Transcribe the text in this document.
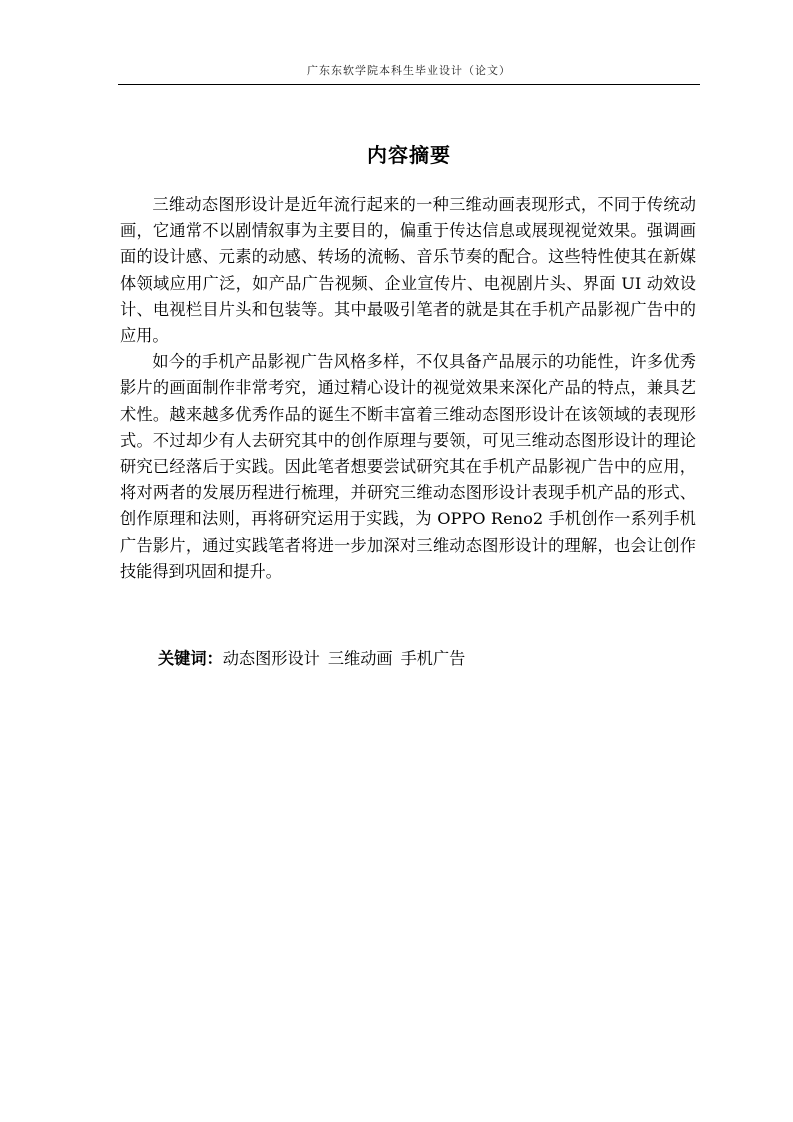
广东东软学院本科生毕业设计（论文）
内容摘要

三维动态图形设计是近年流行起来的一种三维动画表现形式，不同于传统动画，它通常不以剧情叙事为主要目的，偏重于传达信息或展现视觉效果。强调画面的设计感、元素的动感、转场的流畅、音乐节奏的配合。这些特性使其在新媒体领域应用广泛，如产品广告视频、企业宣传片、电视剧片头、界面 UI 动效设计、电视栏目片头和包装等。其中最吸引笔者的就是其在手机产品影视广告中的应用。

如今的手机产品影视广告风格多样，不仅具备产品展示的功能性，许多优秀影片的画面制作非常考究，通过精心设计的视觉效果来深化产品的特点，兼具艺术性。越来越多优秀作品的诞生不断丰富着三维动态图形设计在该领域的表现形式。不过却少有人去研究其中的创作原理与要领，可见三维动态图形设计的理论研究已经落后于实践。因此笔者想要尝试研究其在手机产品影视广告中的应用，将对两者的发展历程进行梳理，并研究三维动态图形设计表现手机产品的形式、创作原理和法则，再将研究运用于实践，为 OPPO Reno2 手机创作一系列手机广告影片，通过实践笔者将进一步加深对三维动态图形设计的理解，也会让创作技能得到巩固和提升。

关键词：动态图形设计 三维动画 手机广告
